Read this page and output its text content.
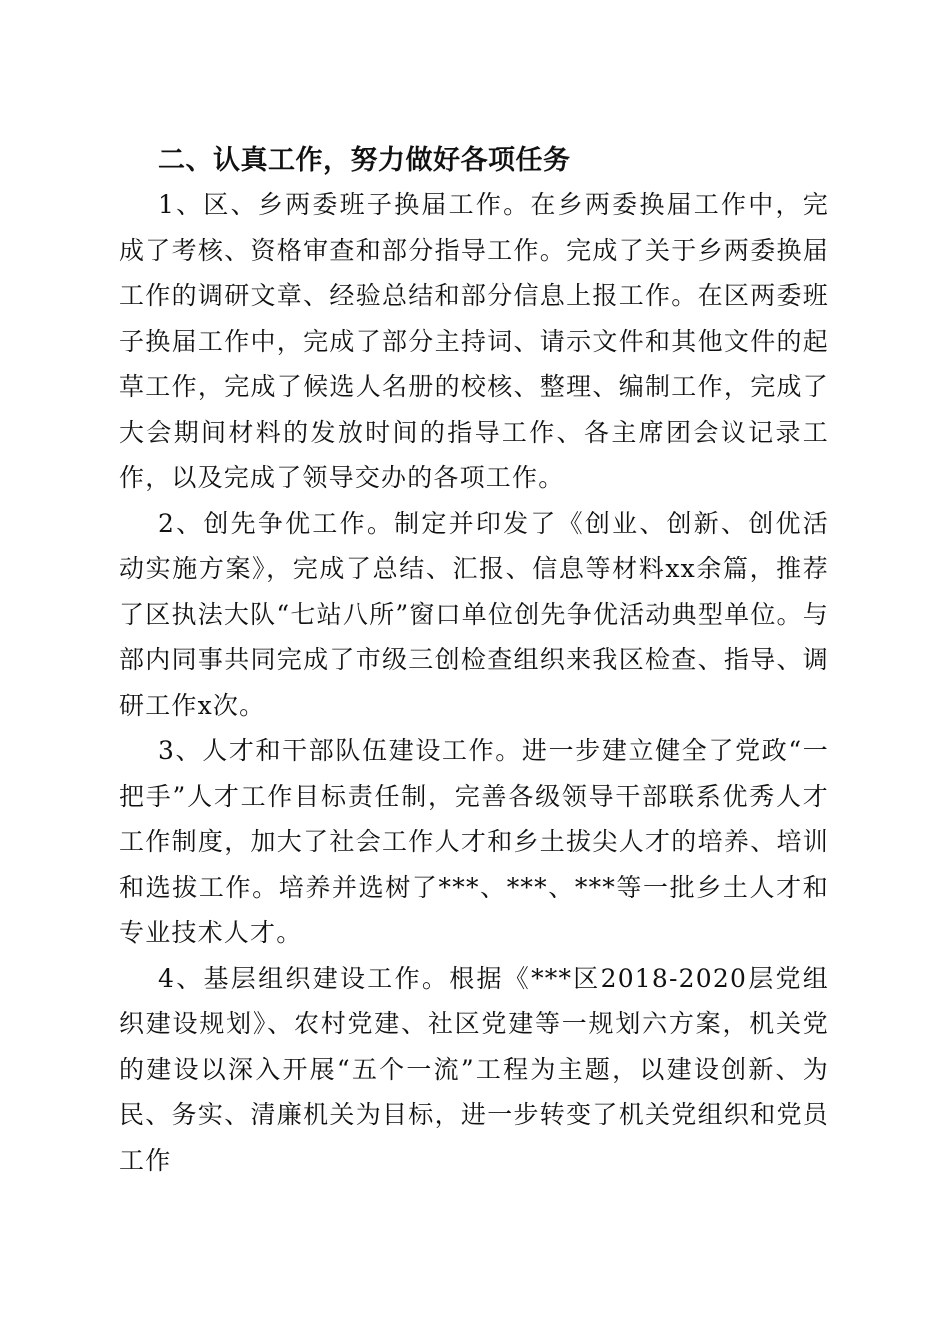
二、认真工作，努力做好各项任务

1、区、乡两委班子换届工作。在乡两委换届工作中，完成了考核、资格审查和部分指导工作。完成了关于乡两委换届工作的调研文章、经验总结和部分信息上报工作。在区两委班子换届工作中，完成了部分主持词、请示文件和其他文件的起草工作，完成了候选人名册的校核、整理、编制工作，完成了大会期间材料的发放时间的指导工作、各主席团会议记录工作，以及完成了领导交办的各项工作。

2、创先争优工作。制定并印发了《创业、创新、创优活动实施方案》，完成了总结、汇报、信息等材料xx余篇，推荐了区执法大队“七站八所”窗口单位创先争优活动典型单位。与部内同事共同完成了市级三创检查组织来我区检查、指导、调研工作x次。

3、人才和干部队伍建设工作。进一步建立健全了党政“一把手”人才工作目标责任制，完善各级领导干部联系优秀人才工作制度，加大了社会工作人才和乡土拔尖人才的培养、培训和选拔工作。培养并选树了***、***、***等一批乡土人才和专业技术人才。

4、基层组织建设工作。根据《***区2018-2020层党组织建设规划》、农村党建、社区党建等一规划六方案，机关党的建设以深入开展“五个一流”工程为主题，以建设创新、为民、务实、清廉机关为目标，进一步转变了机关党组织和党员工作
